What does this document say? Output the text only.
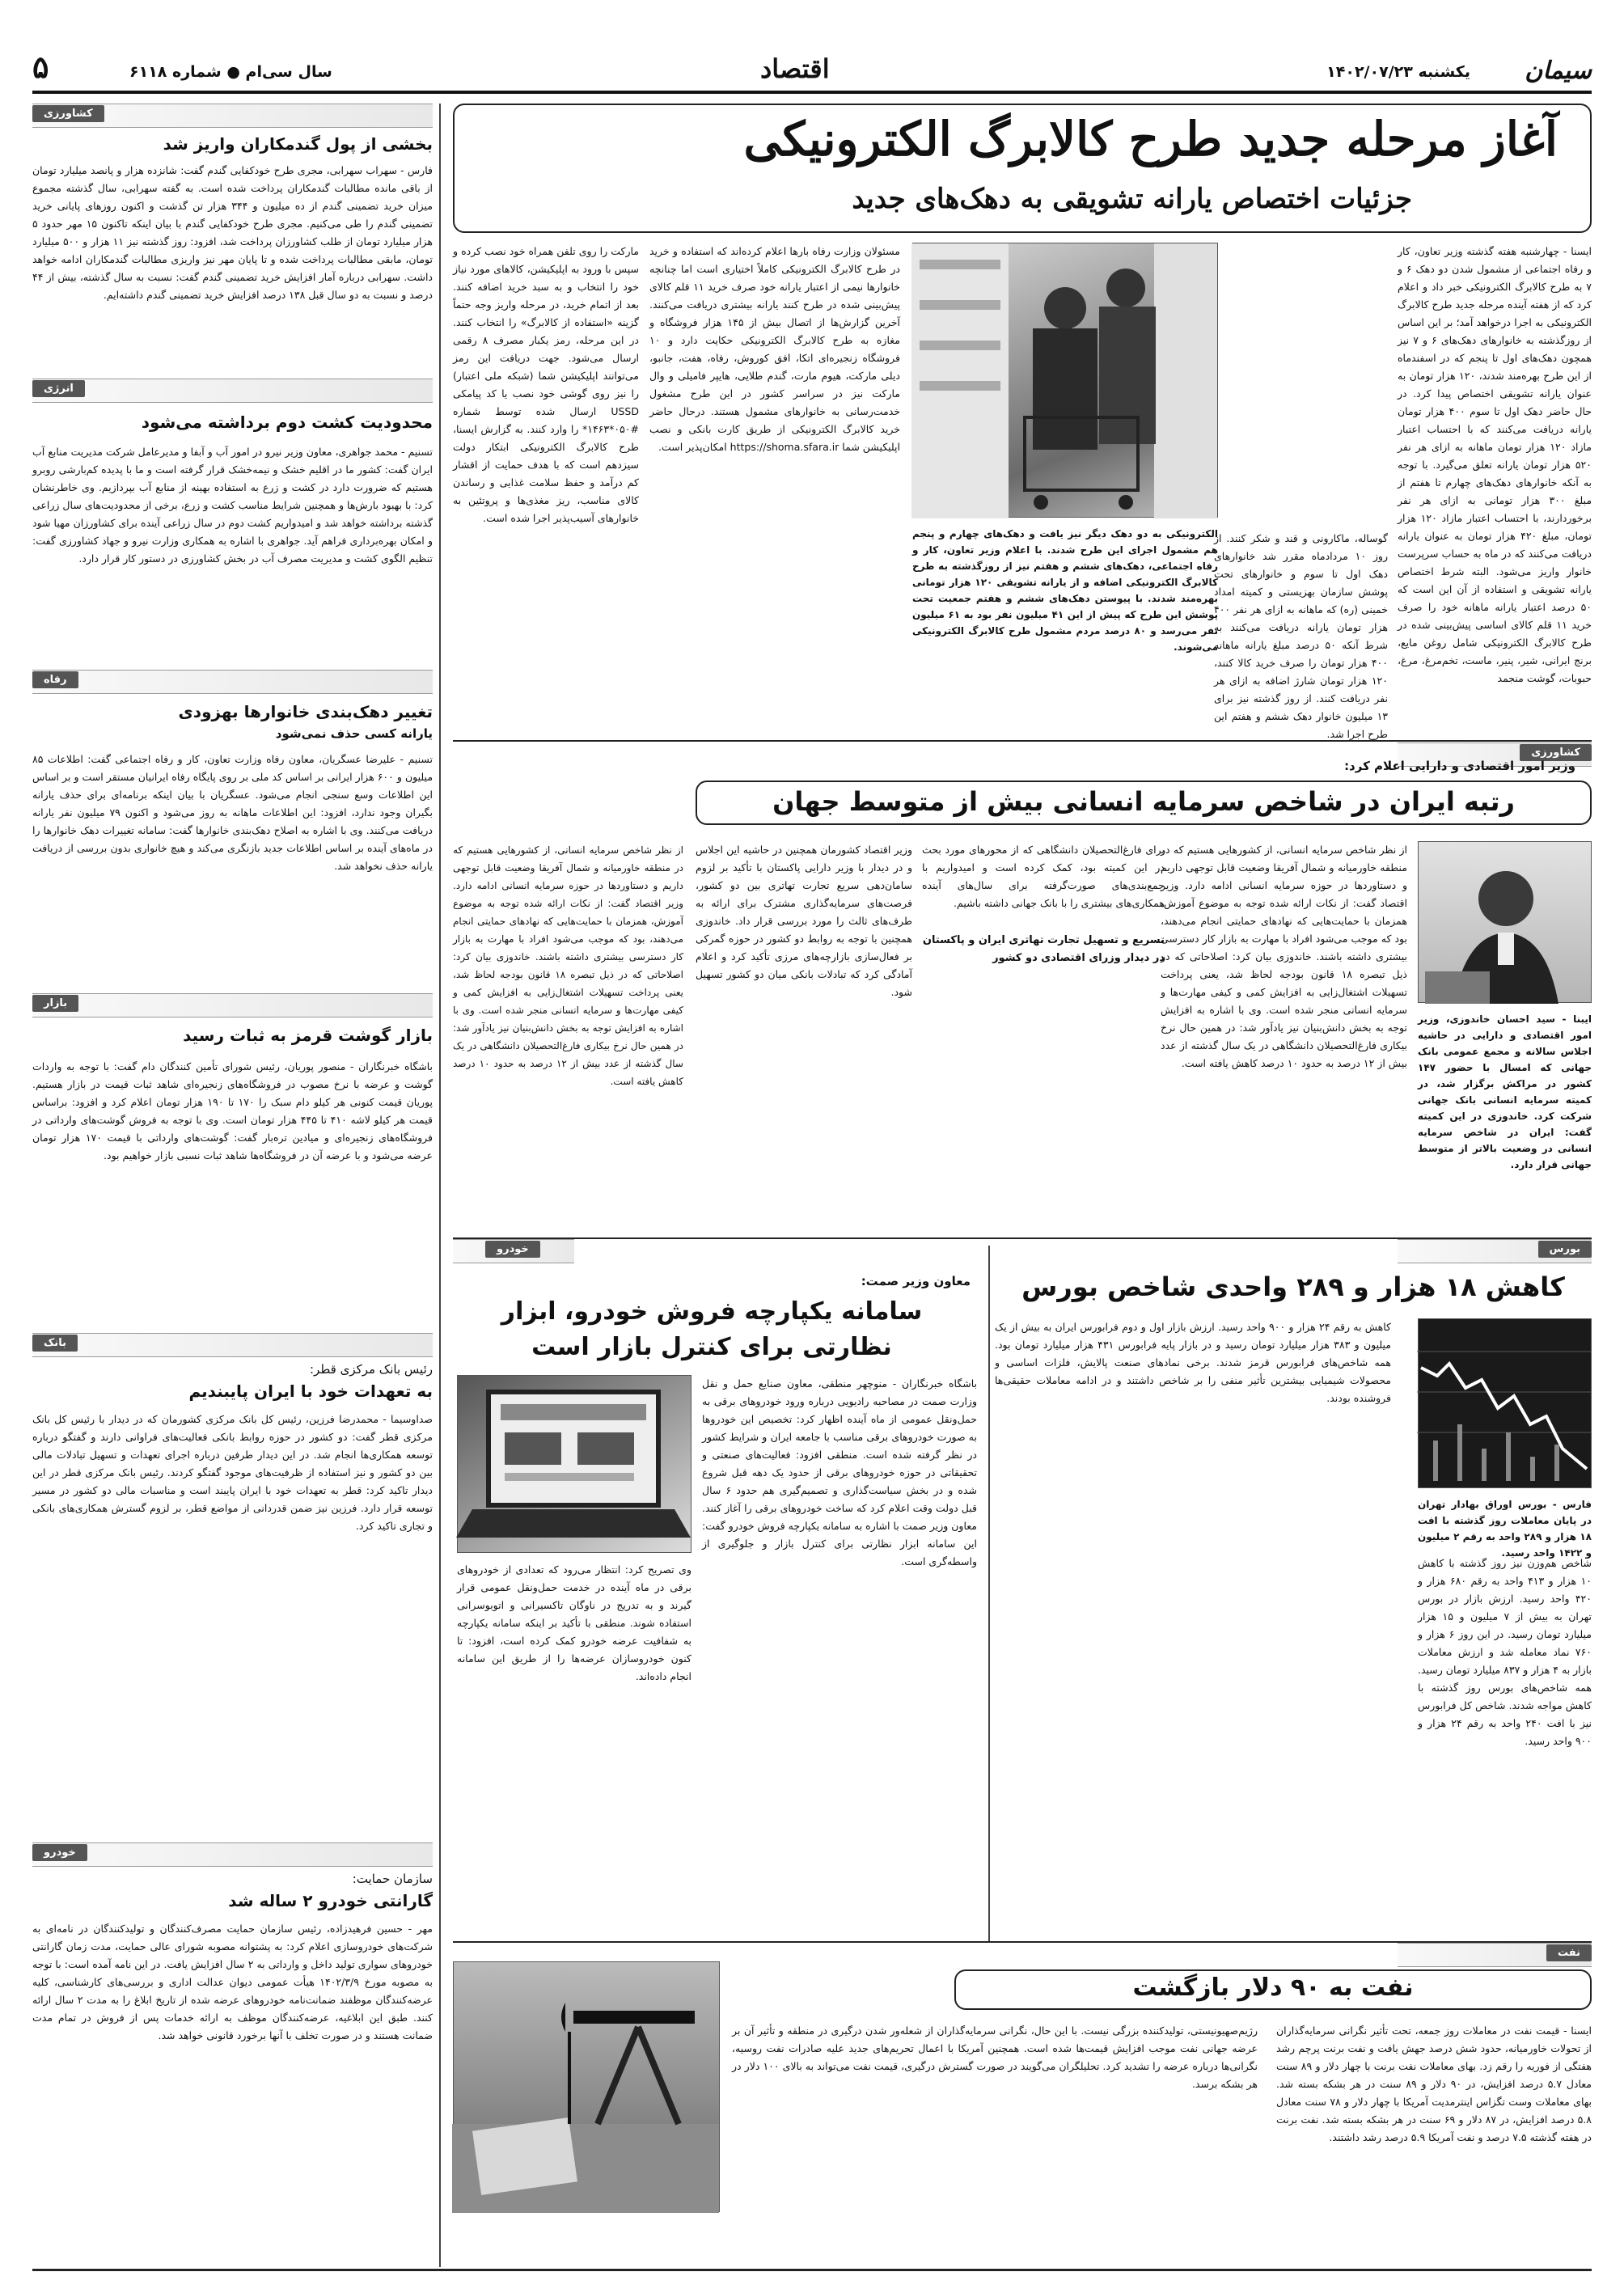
سیمان
یکشنبه ۱۴۰۲/۰۷/۲۳
اقتصاد
سال سی‌ام ● شماره ۶۱۱۸
۵
آغاز مرحله جدید طرح کالابرگ الکترونیکی
جزئیات اختصاص یارانه تشویقی به دهک‌های جدید
ایسنا - چهارشنبه هفته گذشته وزیر تعاون، کار و رفاه اجتماعی از مشمول شدن دو دهک ۶ و ۷ به طرح کالابرگ الکترونیکی خبر داد و اعلام کرد که از هفته آینده مرحله جدید طرح کالابرگ الکترونیکی به اجرا درخواهد آمد؛ بر این اساس از روزگذشته به خانوارهای دهک‌های ۶ و ۷ نیز همچون دهک‌های اول تا پنجم که در اسفندماه از این طرح بهره‌مند شدند، ۱۲۰ هزار تومان به عنوان یارانه تشویقی اختصاص پیدا کرد. در حال حاضر دهک اول تا سوم ۴۰۰ هزار تومان یارانه دریافت می‌کنند که با احتساب اعتبار مازاد ۱۲۰ هزار تومان ماهانه به ازای هر نفر ۵۲۰ هزار تومان یارانه تعلق می‌گیرد. با توجه به آنکه خانوارهای دهک‌های چهارم تا هفتم از مبلغ ۳۰۰ هزار تومانی به ازای هر نفر برخوردارند، با احتساب اعتبار مازاد ۱۲۰ هزار تومان، مبلغ ۴۲۰ هزار تومان به عنوان یارانه دریافت می‌کنند که در ماه به حساب سرپرست خانوار واریز می‌شود. البته شرط اختصاص یارانه تشویقی و استفاده از آن این است که ۵۰ درصد اعتبار یارانه ماهانه خود را صرف خرید ۱۱ قلم کالای اساسی پیش‌بینی شده در طرح کالابرگ الکترونیکی شامل روغن مایع، برنج ایرانی، شیر، پنیر، ماست، تخم‌مرغ، مرغ، حبوبات، گوشت منجمد
گوساله، ماکارونی و قند و شکر کنند. از روز ۱۰ مردادماه مقرر شد خانوارهای دهک اول تا سوم و خانوارهای تحت پوشش سازمان بهزیستی و کمیته امداد خمینی (ره) که ماهانه به ازای هر نفر ۴۰۰ هزار تومان یارانه دریافت می‌کنند به شرط آنکه ۵۰ درصد مبلغ یارانه ماهانه ۴۰۰ هزار تومان را صرف خرید کالا کنند، ۱۲۰ هزار تومان شارژ اضافه به ازای هر نفر دریافت کنند. از روز گذشته نیز برای ۱۳ میلیون خانوار دهک ششم و هفتم این طرح اجرا شد.
الکترونیکی به دو دهک دیگر نیز یافت و دهک‌های چهارم و پنجم هم مشمول اجرای این طرح شدند. با اعلام وزیر تعاون، کار و رفاه اجتماعی، دهک‌های ششم و هفتم نیز از روزگذشته به طرح کالابرگ الکترونیکی اضافه و از یارانه تشویقی ۱۲۰ هزار تومانی بهره‌مند شدند. با پیوستن دهک‌های ششم و هفتم جمعیت تحت پوشش این طرح که پیش از این ۴۱ میلیون نفر بود به ۶۱ میلیون نفر می‌رسد و ۸۰ درصد مردم مشمول طرح کالابرگ الکترونیکی می‌شوند.
مسئولان وزارت رفاه بارها اعلام کرده‌اند که استفاده و خرید در طرح کالابرگ الکترونیکی کاملاً اختیاری است اما چنانچه خانوارها نیمی از اعتبار یارانه خود صرف خرید ۱۱ قلم کالای پیش‌بینی شده در طرح کنند یارانه بیشتری دریافت می‌کنند. آخرین گزارش‌ها از اتصال بیش از ۱۴۵ هزار فروشگاه و مغازه به طرح کالابرگ الکترونیکی حکایت دارد و ۱۰ فروشگاه زنجیره‌ای اتکا، افق کوروش، رفاه، هفت، جانبو، دیلی مارکت، هیوم مارت، گندم طلایی، هایپر فامیلی و وال مارکت نیز در سراسر کشور در این طرح مشغول خدمت‌رسانی به خانوارهای مشمول هستند. درحال حاضر خرید کالابرگ الکترونیکی از طریق کارت بانکی و نصب اپلیکیشن شما https://shoma.sfara.ir امکان‌پذیر است.
مارکت را روی تلفن همراه خود نصب کرده و سپس با ورود به اپلیکیشن، کالاهای مورد نیاز خود را انتخاب و به سبد خرید اضافه کنند. بعد از اتمام خرید، در مرحله واریز وجه حتماً گزینه «استفاده از کالابرگ» را انتخاب کنند. در این مرحله، رمز یکبار مصرف ۸ رقمی ارسال می‌شود. جهت دریافت این رمز می‌توانند اپلیکیشن شما (شبکه ملی اعتبار) را نیز روی گوشی خود نصب یا کد پیامکی USSD ارسال شده توسط شماره #۰۵۰*۱۴۶۳* را وارد کنند. به گزارش ایسنا، طرح کالابرگ الکترونیکی ابتکار دولت سیزدهم است که با هدف حمایت از اقشار کم درآمد و حفظ سلامت غذایی و رساندن کالای مناسب، ریز مغذی‌ها و پروتئین به خانوارهای آسیب‌پذیر اجرا شده است.
کشاورزی
وزیر امور اقتصادی و دارایی اعلام کرد:
رتبه ایران در شاخص سرمایه انسانی بیش از متوسط جهان
ایبنا - سید احسان خاندوزی، وزیر امور اقتصادی و دارایی در حاشیه اجلاس سالانه و مجمع عمومی بانک جهانی که امسال با حضور ۱۴۷ کشور در مراکش برگزار شد، در کمیته سرمایه انسانی بانک جهانی شرکت کرد. خاندوزی در این کمیته گفت: ایران در شاخص سرمایه انسانی در وضعیت بالاتر از متوسط جهانی قرار دارد.
از نظر شاخص سرمایه انسانی، از کشورهایی هستیم که در منطقه خاورمیانه و شمال آفریقا وضعیت قابل توجهی داریم و دستاوردها در حوزه سرمایه انسانی ادامه دارد. وزیر اقتصاد گفت: از نکات ارائه شده توجه به موضوع آموزش، همزمان با حمایت‌هایی که نهادهای حمایتی انجام می‌دهند، بود که موجب می‌شود افراد با مهارت به بازار کار دسترسی بیشتری داشته باشند. خاندوزی بیان کرد: اصلاحاتی که در ذیل تبصره ۱۸ قانون بودجه لحاظ شد، یعنی پرداخت تسهیلات اشتغال‌زایی به افزایش کمی و کیفی مهارت‌ها و سرمایه انسانی منجر شده است. وی با اشاره به افزایش توجه به بخش دانش‌بنیان نیز یادآور شد: در همین حال نرخ بیکاری فارغ‌التحصیلان دانشگاهی در یک سال گذشته از عدد بیش از ۱۲ درصد به حدود ۱۰ درصد کاهش یافته است.
برای فارغ‌التحصیلان دانشگاهی که از محورهای مورد بحث در این کمیته بود، کمک کرده است و امیدواریم با جمع‌بندی‌های صورت‌گرفته برای سال‌های آینده همکاری‌های بیشتری را با بانک جهانی داشته باشیم.
تسریع و تسهیل تجارت تهاتری ایران و پاکستان در دیدار وزرای اقتصادی دو کشور
وزیر اقتصاد کشورمان همچنین در حاشیه این اجلاس و در دیدار با وزیر دارایی پاکستان با تأکید بر لزوم سامان‌دهی سریع تجارت تهاتری بین دو کشور، فرصت‌های سرمایه‌گذاری مشترک برای ارائه به طرف‌های ثالث را مورد بررسی قرار داد. خاندوزی همچنین با توجه به روابط دو کشور در حوزه گمرکی بر فعال‌سازی بازارچه‌های مرزی تأکید کرد و اعلام آمادگی کرد که تبادلات بانکی میان دو کشور تسهیل شود.
از نظر شاخص سرمایه انسانی، از کشورهایی هستیم که در منطقه خاورمیانه و شمال آفریقا وضعیت قابل توجهی داریم و دستاوردها در حوزه سرمایه انسانی ادامه دارد. وزیر اقتصاد گفت: از نکات ارائه شده توجه به موضوع آموزش، همزمان با حمایت‌هایی که نهادهای حمایتی انجام می‌دهند، بود که موجب می‌شود افراد با مهارت به بازار کار دسترسی بیشتری داشته باشند. خاندوزی بیان کرد: اصلاحاتی که در ذیل تبصره ۱۸ قانون بودجه لحاظ شد، یعنی پرداخت تسهیلات اشتغال‌زایی به افزایش کمی و کیفی مهارت‌ها و سرمایه انسانی منجر شده است. وی با اشاره به افزایش توجه به بخش دانش‌بنیان نیز یادآور شد: در همین حال نرخ بیکاری فارغ‌التحصیلان دانشگاهی در یک سال گذشته از عدد بیش از ۱۲ درصد به حدود ۱۰ درصد کاهش یافته است.
بورس
کاهش ۱۸ هزار و ۲۸۹ واحدی شاخص بورس
فارس - بورس اوراق بهادار تهران در پایان معاملات روز گذشته با افت ۱۸ هزار و ۲۸۹ واحد به رقم ۲ میلیون و ۱۴۲۲ واحد رسید.
شاخص هم‌وزن نیز روز گذشته با کاهش ۱۰ هزار و ۴۱۳ واحد به رقم ۶۸۰ هزار و ۴۲۰ واحد رسید. ارزش بازار در بورس تهران به بیش از ۷ میلیون و ۱۵ هزار میلیارد تومان رسید. در این روز ۶ هزار و ۷۶۰ نماد معامله شد و ارزش معاملات بازار به ۴ هزار و ۸۳۷ میلیارد تومان رسید. همه شاخص‌های بورس روز گذشته با کاهش مواجه شدند. شاخص کل فرابورس نیز با افت ۲۴۰ واحد به رقم ۲۴ هزار و ۹۰۰ واحد رسید.
کاهش به رقم ۲۴ هزار و ۹۰۰ واحد رسید. ارزش بازار اول و دوم فرابورس ایران به بیش از یک میلیون و ۳۸۳ هزار میلیارد تومان رسید و در بازار پایه فرابورس ۴۳۱ هزار میلیارد تومان بود. همه شاخص‌های فرابورس قرمز شدند. برخی نمادهای صنعت پالایش، فلزات اساسی و محصولات شیمیایی بیشترین تأثیر منفی را بر شاخص داشتند و در ادامه معاملات حقیقی‌ها فروشنده بودند.
خودرو
معاون وزیر صمت:
سامانه یکپارچه فروش خودرو، ابزار نظارتی برای کنترل بازار است
باشگاه خبرنگاران - منوچهر منطقی، معاون صنایع حمل و نقل وزارت صمت در مصاحبه رادیویی درباره ورود خودروهای برقی به حمل‌ونقل عمومی از ماه آینده اظهار کرد: تخصیص این خودروها به صورت خودروهای برقی مناسب با جامعه ایران و شرایط کشور در نظر گرفته شده است. منطقی افزود: فعالیت‌های صنعتی و تحقیقاتی در حوزه خودروهای برقی از حدود یک دهه قبل شروع شده و در بخش سیاست‌گذاری و تصمیم‌گیری هم حدود ۶ سال قبل دولت وقت اعلام کرد که ساخت خودروهای برقی را آغاز کنند. معاون وزیر صمت با اشاره به سامانه یکپارچه فروش خودرو گفت: این سامانه ابزار نظارتی برای کنترل بازار و جلوگیری از واسطه‌گری است.
وی تصریح کرد: انتظار می‌رود که تعدادی از خودروهای برقی در ماه آینده در خدمت حمل‌ونقل عمومی قرار گیرند و به تدریج در ناوگان تاکسیرانی و اتوبوسرانی استفاده شوند. منطقی با تأکید بر اینکه سامانه یکپارچه به شفافیت عرضه خودرو کمک کرده است، افزود: تا کنون خودروسازان عرضه‌ها را از طریق این سامانه انجام داده‌اند.
نفت
نفت به ۹۰ دلار بازگشت
ایسنا - قیمت نفت در معاملات روز جمعه، تحت تأثیر نگرانی سرمایه‌گذاران از تحولات خاورمیانه، حدود شش درصد جهش یافت و نفت برنت پرچم رشد هفتگی از فوریه را رقم زد. بهای معاملات نفت برنت با چهار دلار و ۸۹ سنت معادل ۵.۷ درصد افزایش، در ۹۰ دلار و ۸۹ سنت در هر بشکه بسته شد. بهای معاملات وست تگزاس اینترمدیت آمریکا با چهار دلار و ۷۸ سنت معادل ۵.۸ درصد افزایش، در ۸۷ دلار و ۶۹ سنت در هر بشکه بسته شد. نفت برنت در هفته گذشته ۷.۵ درصد و نفت آمریکا ۵.۹ درصد رشد داشتند.
رژیم‌صهیونیستی، تولیدکننده بزرگی نیست. با این حال، نگرانی سرمایه‌گذاران از شعله‌ور شدن درگیری در منطقه و تأثیر آن بر عرضه جهانی نفت موجب افزایش قیمت‌ها شده است. همچنین آمریکا با اعمال تحریم‌های جدید علیه صادرات نفت روسیه، نگرانی‌ها درباره عرضه را تشدید کرد. تحلیلگران می‌گویند در صورت گسترش درگیری، قیمت نفت می‌تواند به بالای ۱۰۰ دلار در هر بشکه برسد.
کشاورزی
بخشی از پول گندمکاران واریز شد
فارس - سهراب سهرابی، مجری طرح خودکفایی گندم گفت: شانزده هزار و پانصد میلیارد تومان از باقی مانده مطالبات گندمکاران پرداخت شده است. به گفته سهرابی، سال گذشته مجموع میزان خرید تضمینی گندم از ده میلیون و ۳۴۴ هزار تن گذشت و اکنون روزهای پایانی خرید تضمینی گندم را طی می‌کنیم. مجری طرح خودکفایی گندم با بیان اینکه تاکنون ۱۵ مهر حدود ۵ هزار میلیارد تومان از طلب کشاورزان پرداخت شد، افزود: روز گذشته نیز ۱۱ هزار و ۵۰۰ میلیارد تومان، مابقی مطالبات پرداخت شده و تا پایان مهر نیز واریزی مطالبات گندمکاران ادامه خواهد داشت. سهرابی درباره آمار افزایش خرید تضمینی گندم گفت: نسبت به سال گذشته، بیش از ۴۴ درصد و نسبت به دو سال قبل ۱۳۸ درصد افزایش خرید تضمینی گندم داشته‌ایم.
انرژی
محدودیت کشت دوم برداشته می‌شود
تسنیم - محمد جواهری، معاون وزیر نیرو در امور آب و آبفا و مدیرعامل شرکت مدیریت منابع آب ایران گفت: کشور ما در اقلیم خشک و نیمه‌خشک قرار گرفته است و ما با پدیده کم‌بارشی روبرو هستیم که ضرورت دارد در کشت و زرع به استفاده بهینه از منابع آب بپردازیم. وی خاطرنشان کرد: با بهبود بارش‌ها و همچنین شرایط مناسب کشت و زرع، برخی از محدودیت‌های سال زراعی گذشته برداشته خواهد شد و امیدواریم کشت دوم در سال زراعی آینده برای کشاورزان مهیا شود و امکان بهره‌برداری فراهم آید. جواهری با اشاره به همکاری وزارت نیرو و جهاد کشاورزی گفت: تنظیم الگوی کشت و مدیریت مصرف آب در بخش کشاورزی در دستور کار قرار دارد.
رفاه
تغییر دهک‌بندی خانوارها بهزودی
یارانه کسی حذف نمی‌شود
تسنیم - علیرضا عسگریان، معاون رفاه وزارت تعاون، کار و رفاه اجتماعی گفت: اطلاعات ۸۵ میلیون و ۶۰۰ هزار ایرانی بر اساس کد ملی بر روی پایگاه رفاه ایرانیان مستقر است و بر اساس این اطلاعات وسع سنجی انجام می‌شود. عسگریان با بیان اینکه برنامه‌ای برای حذف یارانه بگیران وجود ندارد، افزود: این اطلاعات ماهانه به روز می‌شود و اکنون ۷۹ میلیون نفر یارانه دریافت می‌کنند. وی با اشاره به اصلاح دهک‌بندی خانوارها گفت: سامانه تغییرات دهک خانوارها را در ماه‌های آینده بر اساس اطلاعات جدید بازنگری می‌کند و هیچ خانواری بدون بررسی از دریافت یارانه حذف نخواهد شد.
بازار
بازار گوشت قرمز به ثبات رسید
باشگاه خبرنگاران - منصور پوریان، رئیس شورای تأمین کنندگان دام گفت: با توجه به واردات گوشت و عرضه با نرخ مصوب در فروشگاه‌های زنجیره‌ای شاهد ثبات قیمت در بازار هستیم. پوریان قیمت کنونی هر کیلو دام سبک را ۱۷۰ تا ۱۹۰ هزار تومان اعلام کرد و افزود: براساس قیمت هر کیلو لاشه ۴۱۰ تا ۴۴۵ هزار تومان است. وی با توجه به فروش گوشت‌های وارداتی در فروشگاه‌های زنجیره‌ای و میادین تره‌بار گفت: گوشت‌های وارداتی با قیمت ۱۷۰ هزار تومان عرضه می‌شود و با عرضه آن در فروشگاه‌ها شاهد ثبات نسبی بازار خواهیم بود.
بانک
رئیس بانک مرکزی قطر:
به تعهدات خود با ایران پایبندیم
صداوسیما - محمدرضا فرزین، رئیس کل بانک مرکزی کشورمان که در دیدار با رئیس کل بانک مرکزی قطر گفت: دو کشور در حوزه روابط بانکی فعالیت‌های فراوانی دارند و گفتگو درباره توسعه همکاری‌ها انجام شد. در این دیدار طرفین درباره اجرای تعهدات و تسهیل تبادلات مالی بین دو کشور و نیز استفاده از ظرفیت‌های موجود گفتگو کردند. رئیس بانک مرکزی قطر در این دیدار تاکید کرد: قطر به تعهدات خود با ایران پایبند است و مناسبات مالی دو کشور در مسیر توسعه قرار دارد. فرزین نیز ضمن قدردانی از مواضع قطر، بر لزوم گسترش همکاری‌های بانکی و تجاری تاکید کرد.
خودرو
سازمان حمایت:
گارانتی خودرو ۲ ساله شد
مهر - حسین فرهیدزاده، رئیس سازمان حمایت مصرف‌کنندگان و تولیدکنندگان در نامه‌ای به شرکت‌های خودروسازی اعلام کرد: به پشتوانه مصوبه شورای عالی حمایت، مدت زمان گارانتی خودروهای سواری تولید داخل و وارداتی به ۲ سال افزایش یافت. در این نامه آمده است: با توجه به مصوبه مورخ ۱۴۰۲/۳/۹ هیأت عمومی دیوان عدالت اداری و بررسی‌های کارشناسی، کلیه عرضه‌کنندگان موظفند ضمانت‌نامه خودروهای عرضه شده از تاریخ ابلاغ را به مدت ۲ سال ارائه کنند. طبق این ابلاغیه، عرضه‌کنندگان موظف به ارائه خدمات پس از فروش در تمام مدت ضمانت هستند و در صورت تخلف با آنها برخورد قانونی خواهد شد.
